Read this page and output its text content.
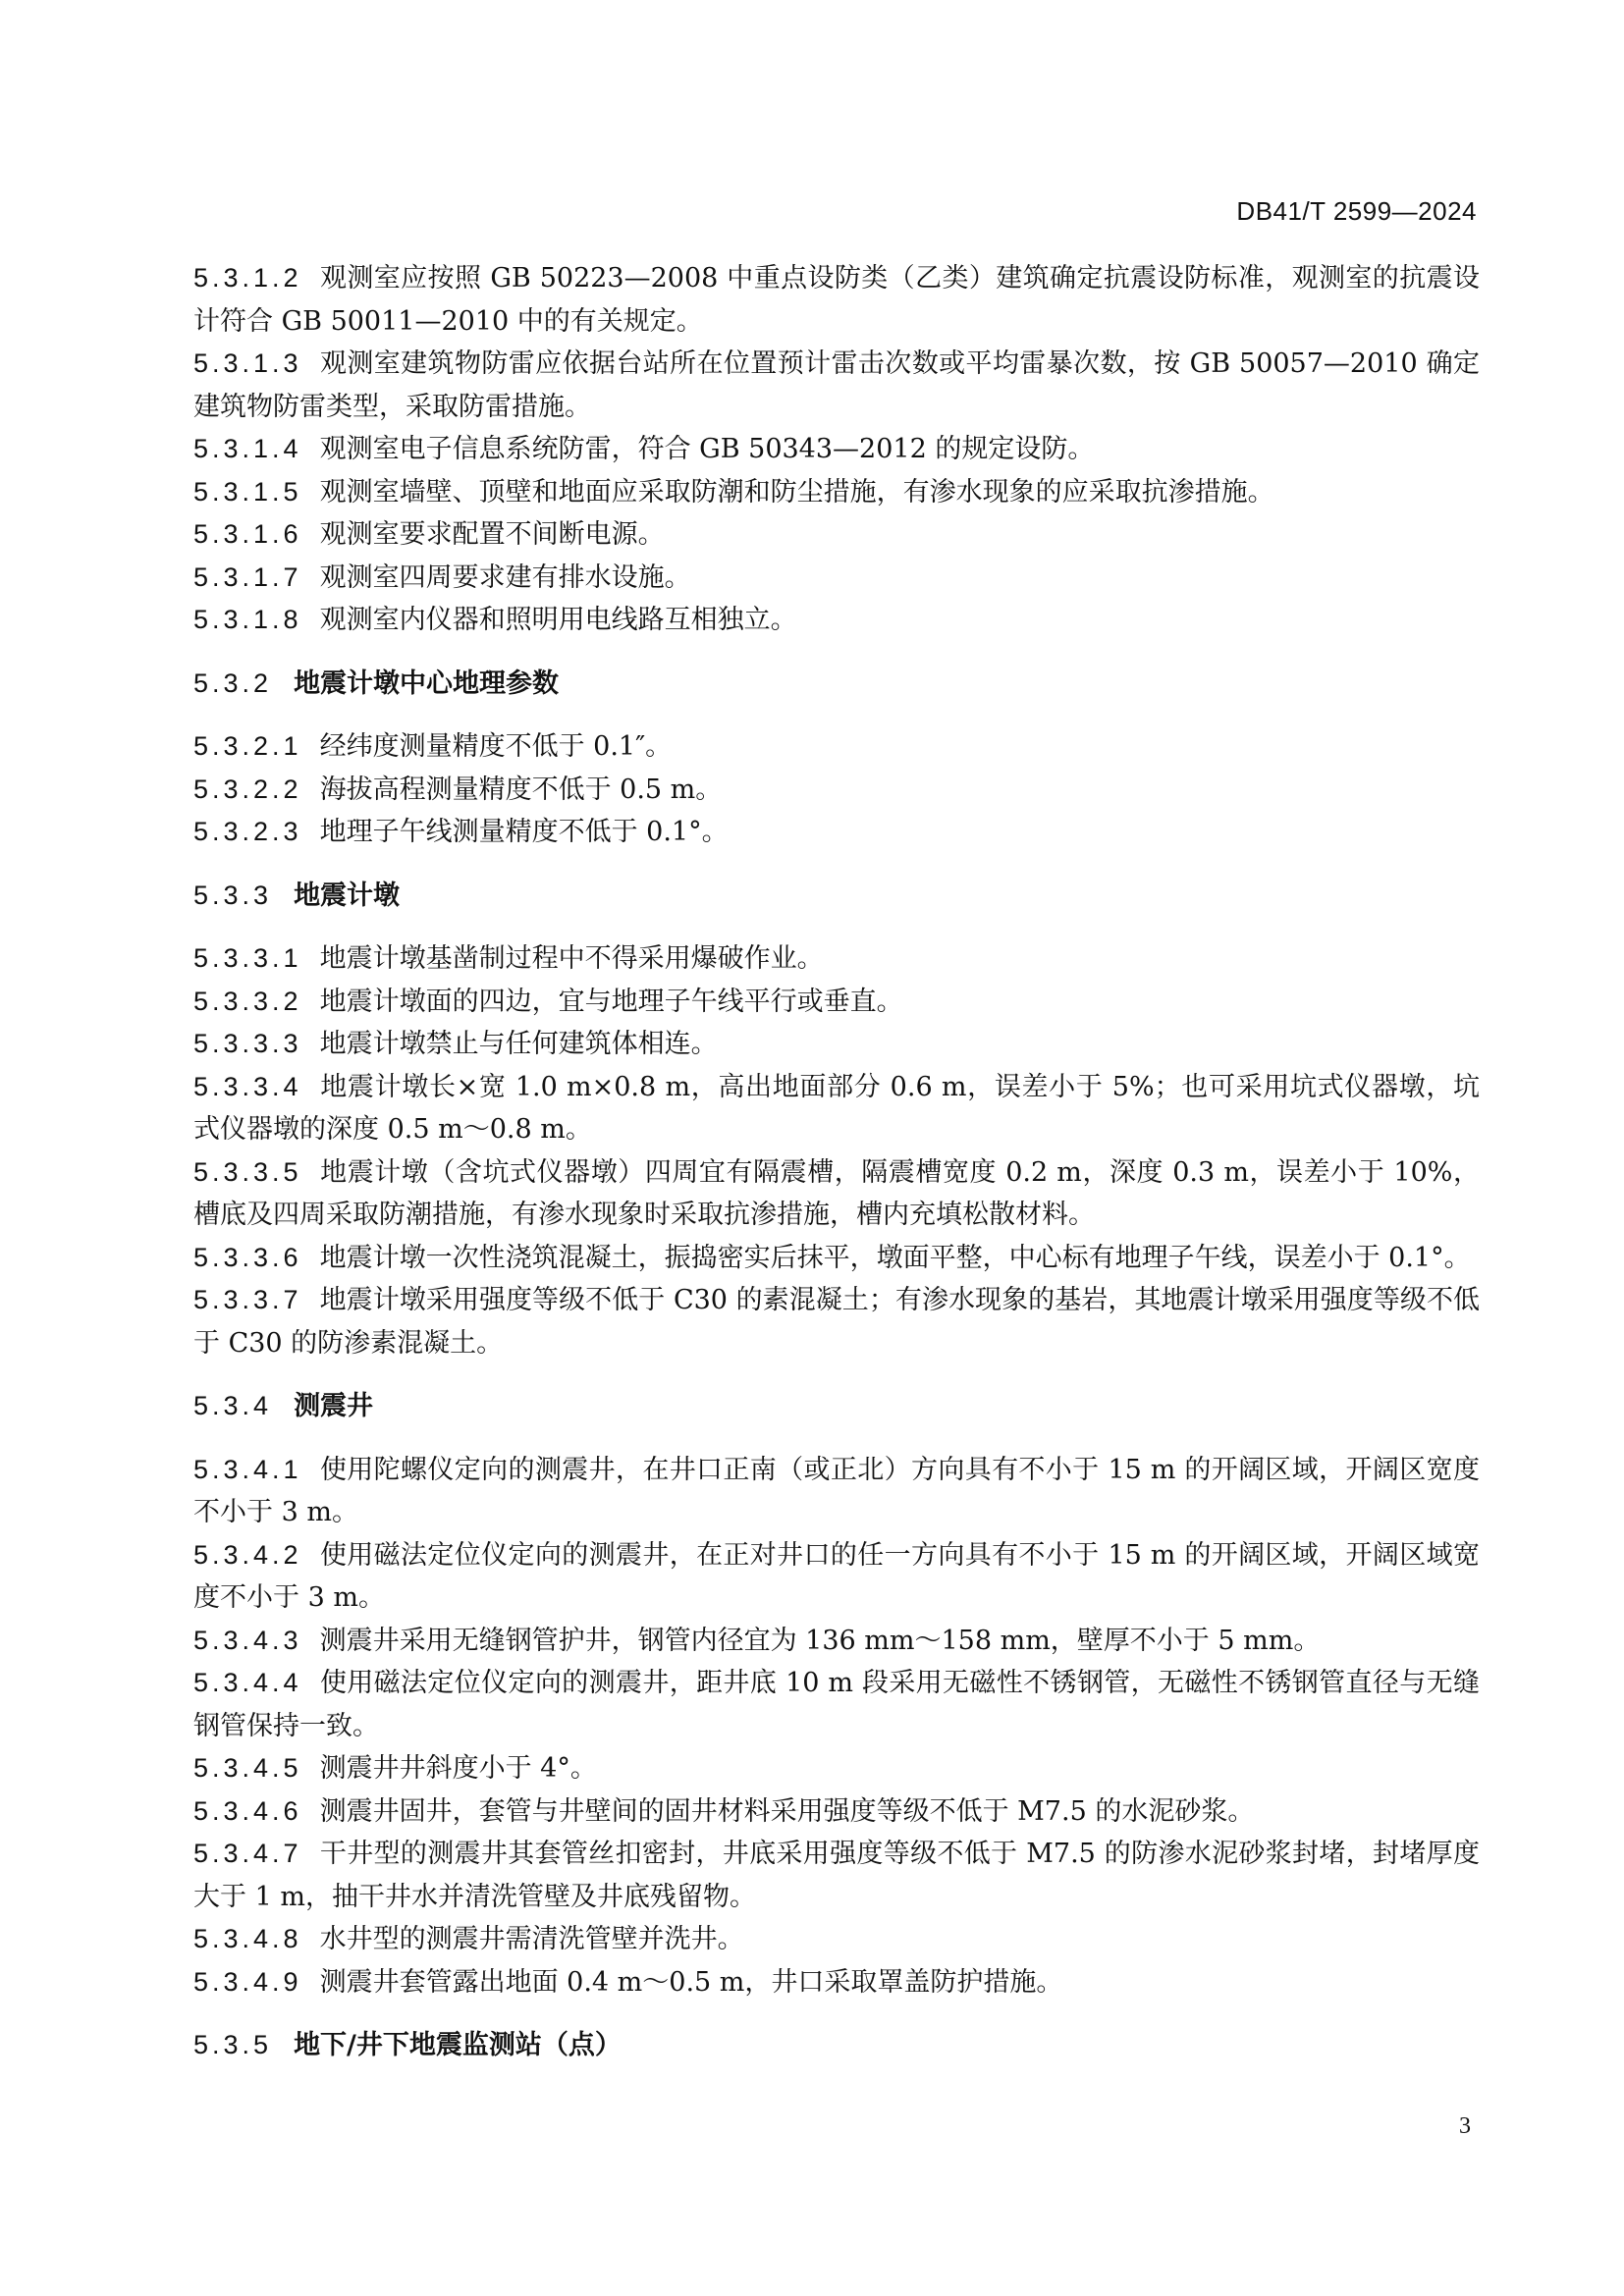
DB41/T 2599—2024
5.3.1.2 观测室应按照 GB 50223—2008 中重点设防类（乙类）建筑确定抗震设防标准，观测室的抗震设计符合 GB 50011—2010 中的有关规定。
5.3.1.3 观测室建筑物防雷应依据台站所在位置预计雷击次数或平均雷暴次数，按 GB 50057—2010 确定建筑物防雷类型，采取防雷措施。
5.3.1.4 观测室电子信息系统防雷，符合 GB 50343—2012 的规定设防。
5.3.1.5 观测室墙壁、顶壁和地面应采取防潮和防尘措施，有渗水现象的应采取抗渗措施。
5.3.1.6 观测室要求配置不间断电源。
5.3.1.7 观测室四周要求建有排水设施。
5.3.1.8 观测室内仪器和照明用电线路互相独立。
5.3.2 地震计墩中心地理参数
5.3.2.1 经纬度测量精度不低于 0.1″。
5.3.2.2 海拔高程测量精度不低于 0.5 m。
5.3.2.3 地理子午线测量精度不低于 0.1°。
5.3.3 地震计墩
5.3.3.1 地震计墩基凿制过程中不得采用爆破作业。
5.3.3.2 地震计墩面的四边，宜与地理子午线平行或垂直。
5.3.3.3 地震计墩禁止与任何建筑体相连。
5.3.3.4 地震计墩长×宽 1.0 m×0.8 m，高出地面部分 0.6 m，误差小于 5%；也可采用坑式仪器墩，坑式仪器墩的深度 0.5 m～0.8 m。
5.3.3.5 地震计墩（含坑式仪器墩）四周宜有隔震槽，隔震槽宽度 0.2 m，深度 0.3 m，误差小于 10%，槽底及四周采取防潮措施，有渗水现象时采取抗渗措施，槽内充填松散材料。
5.3.3.6 地震计墩一次性浇筑混凝土，振捣密实后抹平，墩面平整，中心标有地理子午线，误差小于 0.1°。
5.3.3.7 地震计墩采用强度等级不低于 C30 的素混凝土；有渗水现象的基岩，其地震计墩采用强度等级不低于 C30 的防渗素混凝土。
5.3.4 测震井
5.3.4.1 使用陀螺仪定向的测震井，在井口正南（或正北）方向具有不小于 15 m 的开阔区域，开阔区宽度不小于 3 m。
5.3.4.2 使用磁法定位仪定向的测震井，在正对井口的任一方向具有不小于 15 m 的开阔区域，开阔区域宽度不小于 3 m。
5.3.4.3 测震井采用无缝钢管护井，钢管内径宜为 136 mm～158 mm，壁厚不小于 5 mm。
5.3.4.4 使用磁法定位仪定向的测震井，距井底 10 m 段采用无磁性不锈钢管，无磁性不锈钢管直径与无缝钢管保持一致。
5.3.4.5 测震井井斜度小于 4°。
5.3.4.6 测震井固井，套管与井壁间的固井材料采用强度等级不低于 M7.5 的水泥砂浆。
5.3.4.7 干井型的测震井其套管丝扣密封，井底采用强度等级不低于 M7.5 的防渗水泥砂浆封堵，封堵厚度大于 1 m，抽干井水并清洗管壁及井底残留物。
5.3.4.8 水井型的测震井需清洗管壁并洗井。
5.3.4.9 测震井套管露出地面 0.4 m～0.5 m，井口采取罩盖防护措施。
5.3.5 地下/井下地震监测站（点）
3
